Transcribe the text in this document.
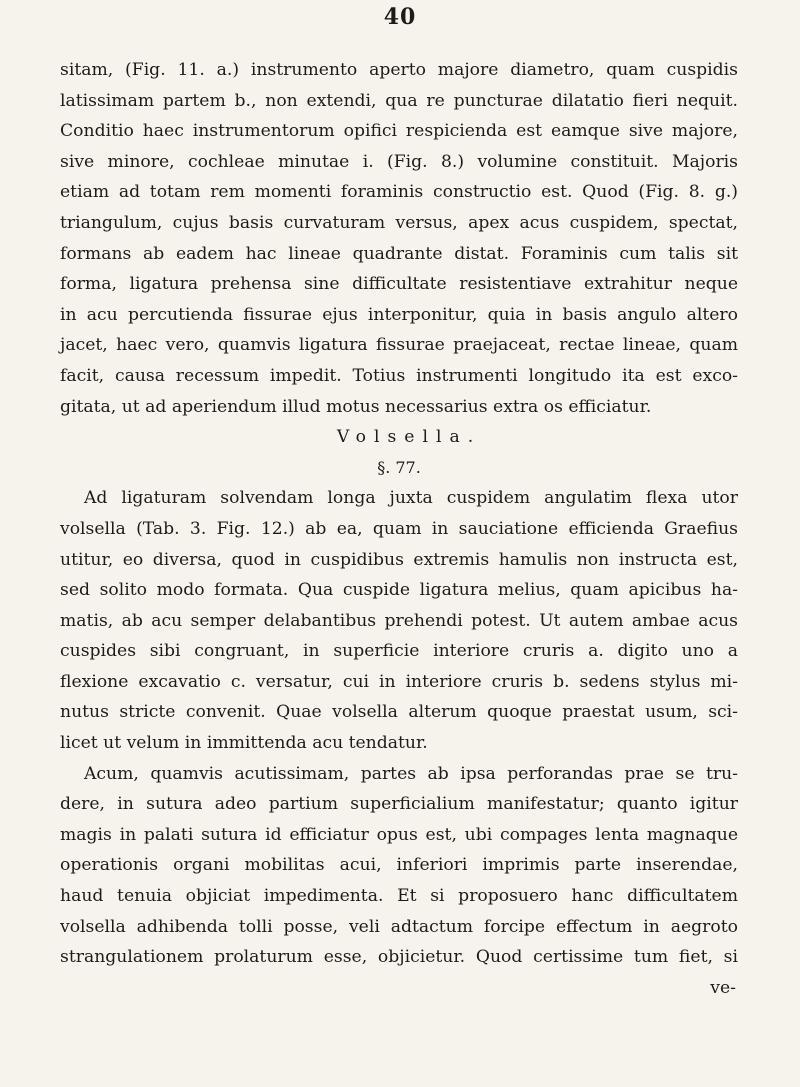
40
sitam, (Fig. 11. a.) instrumento aperto majore diametro, quam cuspidis
latissimam partem b., non extendi, qua re puncturae dilatatio fieri nequit.
Conditio haec instrumentorum opifici respicienda est eamque sive majore,
sive minore, cochleae minutae i. (Fig. 8.) volumine constituit. Majoris
etiam ad totam rem momenti foraminis constructio est. Quod (Fig. 8. g.)
triangulum, cujus basis curvaturam versus, apex acus cuspidem, spectat,
formans ab eadem hac lineae quadrante distat. Foraminis cum talis sit
forma, ligatura prehensa sine difficultate resistentiave extrahitur neque
in acu percutienda fissurae ejus interponitur, quia in basis angulo altero
jacet, haec vero, quamvis ligatura fissurae praejaceat, rectae lineae, quam
facit, causa recessum impedit. Totius instrumenti longitudo ita est exco-
gitata, ut ad aperiendum illud motus necessarius extra os efficiatur.
Volsella.
§. 77.
Ad ligaturam solvendam longa juxta cuspidem angulatim flexa utor
volsella (Tab. 3. Fig. 12.) ab ea, quam in sauciatione efficienda Graefius
utitur, eo diversa, quod in cuspidibus extremis hamulis non instructa est,
sed solito modo formata. Qua cuspide ligatura melius, quam apicibus ha-
matis, ab acu semper delabantibus prehendi potest. Ut autem ambae acus
cuspides sibi congruant, in superficie interiore cruris a. digito uno a
flexione excavatio c. versatur, cui in interiore cruris b. sedens stylus mi-
nutus stricte convenit. Quae volsella alterum quoque praestat usum, sci-
licet ut velum in immittenda acu tendatur.
Acum, quamvis acutissimam, partes ab ipsa perforandas prae se tru-
dere, in sutura adeo partium superficialium manifestatur; quanto igitur
magis in palati sutura id efficiatur opus est, ubi compages lenta magnaque
operationis organi mobilitas acui, inferiori imprimis parte inserendae,
haud tenuia objiciat impedimenta. Et si proposuero hanc difficultatem
volsella adhibenda tolli posse, veli adtactum forcipe effectum in aegroto
strangulationem prolaturum esse, objicietur. Quod certissime tum fiet, si
ve-
